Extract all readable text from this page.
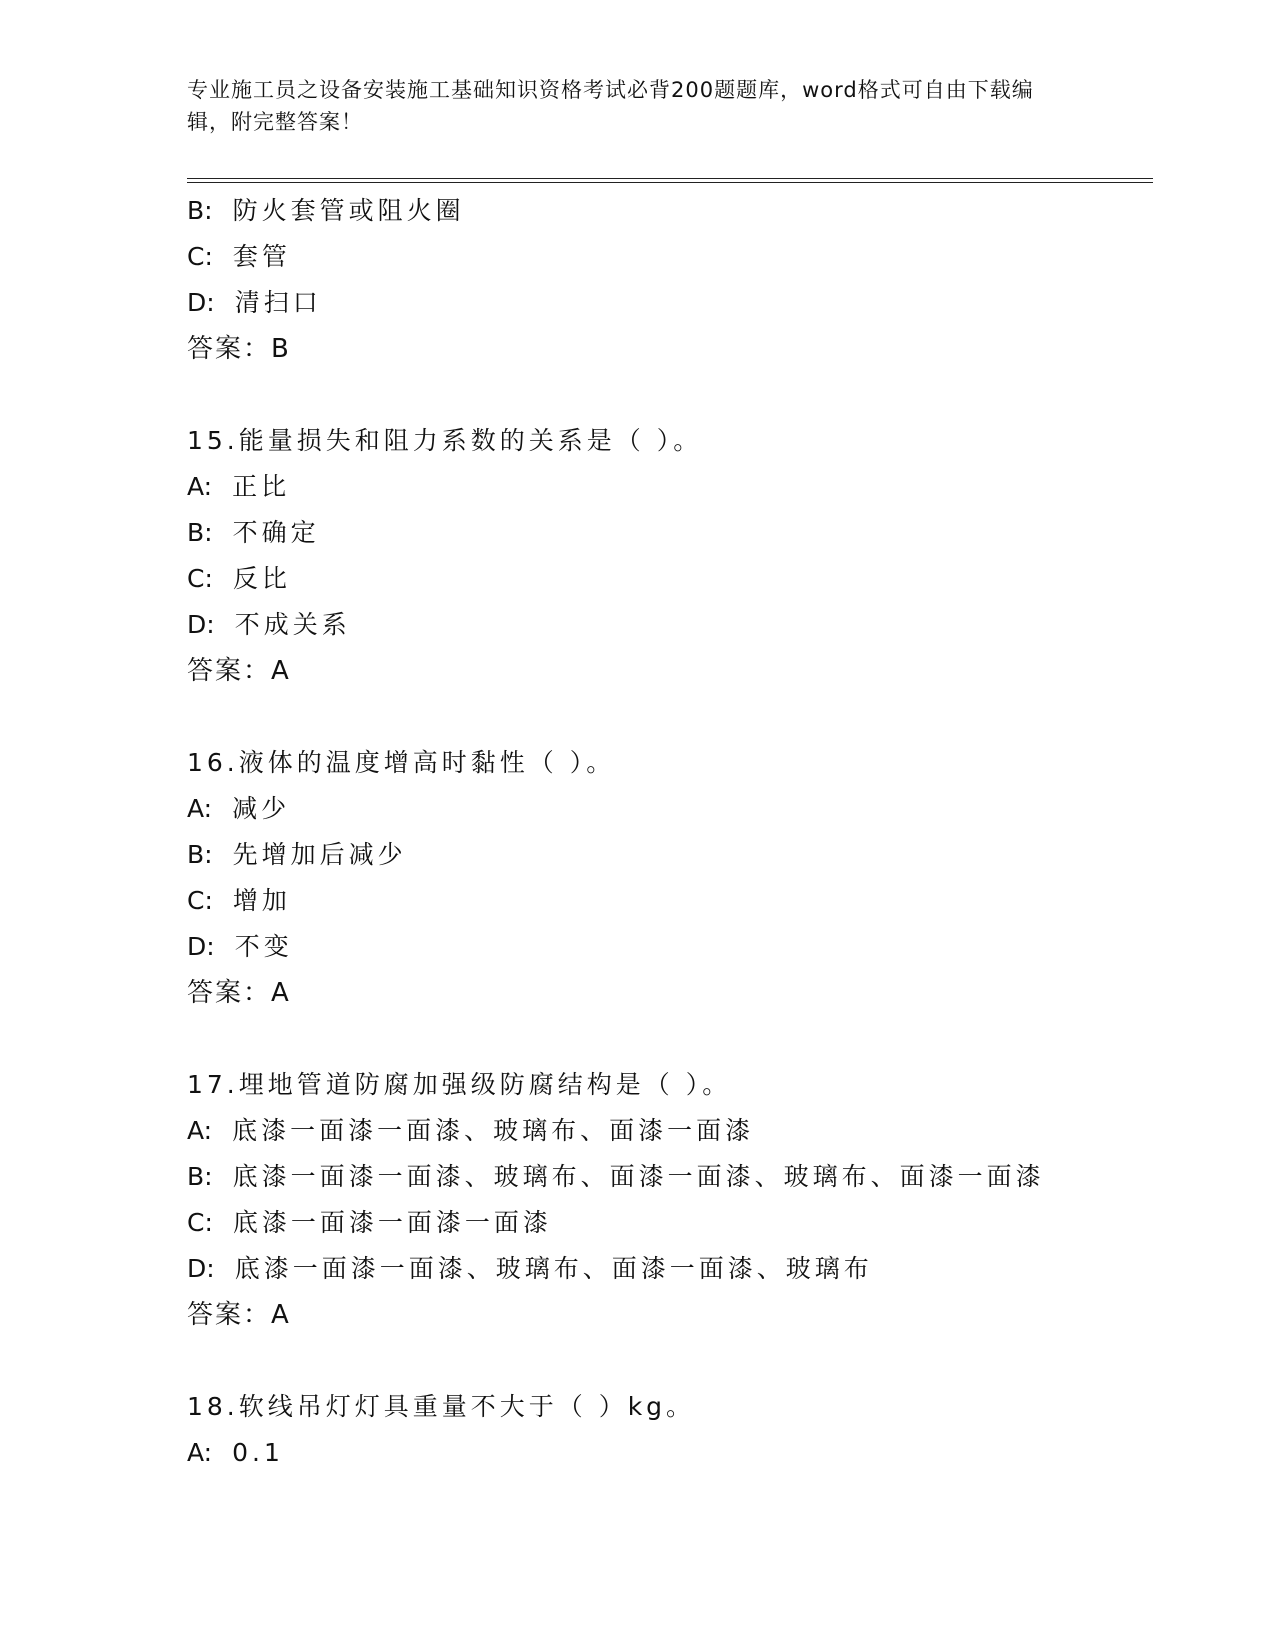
专业施工员之设备安装施工基础知识资格考试必背200题题库，word格式可自由下载编辑，附完整答案！

B: 防火套管或阻火圈
C: 套管
D: 清扫口
答案：B
15.能量损失和阻力系数的关系是（ ）。
A: 正比
B: 不确定
C: 反比
D: 不成关系
答案：A
16.液体的温度增高时黏性（ ）。
A: 减少
B: 先增加后减少
C: 增加
D: 不变
答案：A
17.埋地管道防腐加强级防腐结构是（ ）。
A: 底漆一面漆一面漆、玻璃布、面漆一面漆
B: 底漆一面漆一面漆、玻璃布、面漆一面漆、玻璃布、面漆一面漆
C: 底漆一面漆一面漆一面漆
D: 底漆一面漆一面漆、玻璃布、面漆一面漆、玻璃布
答案：A
18.软线吊灯灯具重量不大于（ ）kg。
A: 0.1
